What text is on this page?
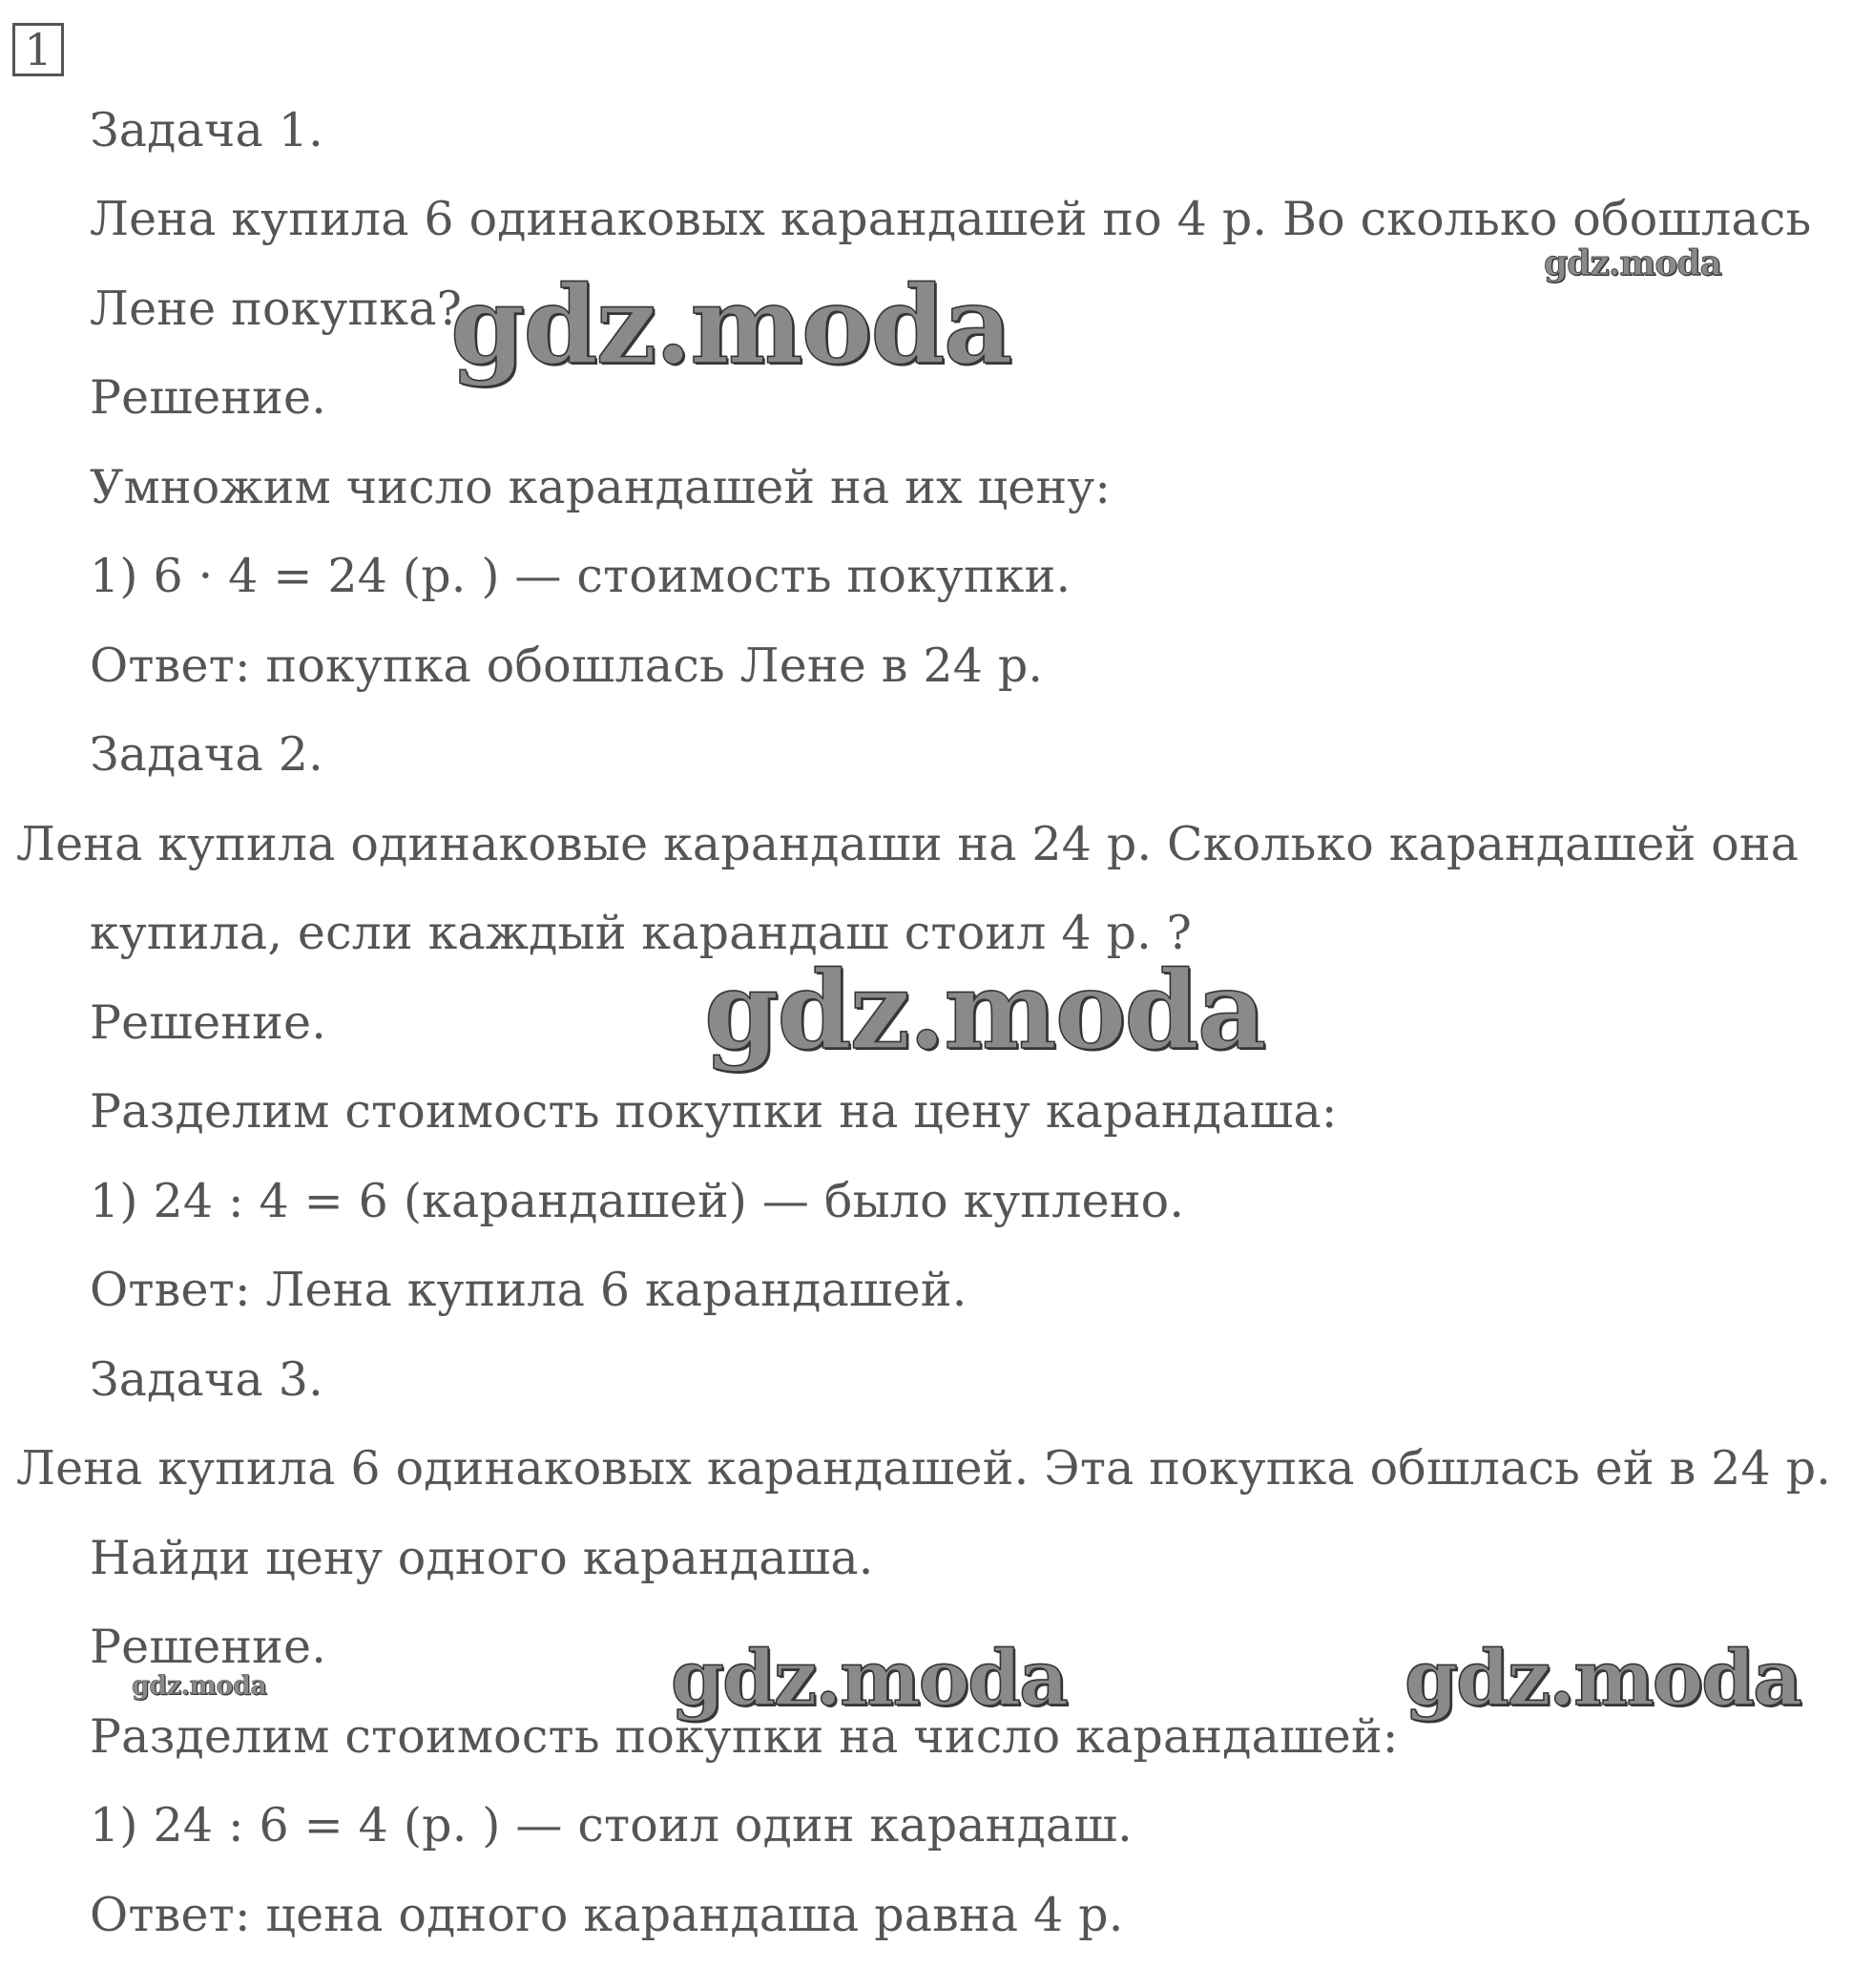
1
Задача 1.
Лена купила 6 одинаковых карандашей по 4 р. Во сколько обошлась
Лене покупка?
Решение.
Умножим число карандашей на их цену:
1) 6 · 4 = 24 (р. ) — стоимость покупки.
Ответ: покупка обошлась Лене в 24 р.
Задача 2.
Лена купила одинаковые карандаши на 24 р. Сколько карандашей она
купила, если каждый карандаш стоил 4 р. ?
Решение.
Разделим стоимость покупки на цену карандаша:
1) 24 : 4 = 6 (карандашей) — было куплено.
Ответ: Лена купила 6 карандашей.
Задача 3.
Лена купила 6 одинаковых карандашей. Эта покупка обшлась ей в 24 р.
Найди цену одного карандаша.
Решение.
Разделим стоимость покупки на число карандашей:
1) 24 : 6 = 4 (р. ) — стоил один карандаш.
Ответ: цена одного карандаша равна 4 р.
gdz.moda
gdz.moda
gdz.moda
gdz.moda	gdz.moda
gdz.moda
